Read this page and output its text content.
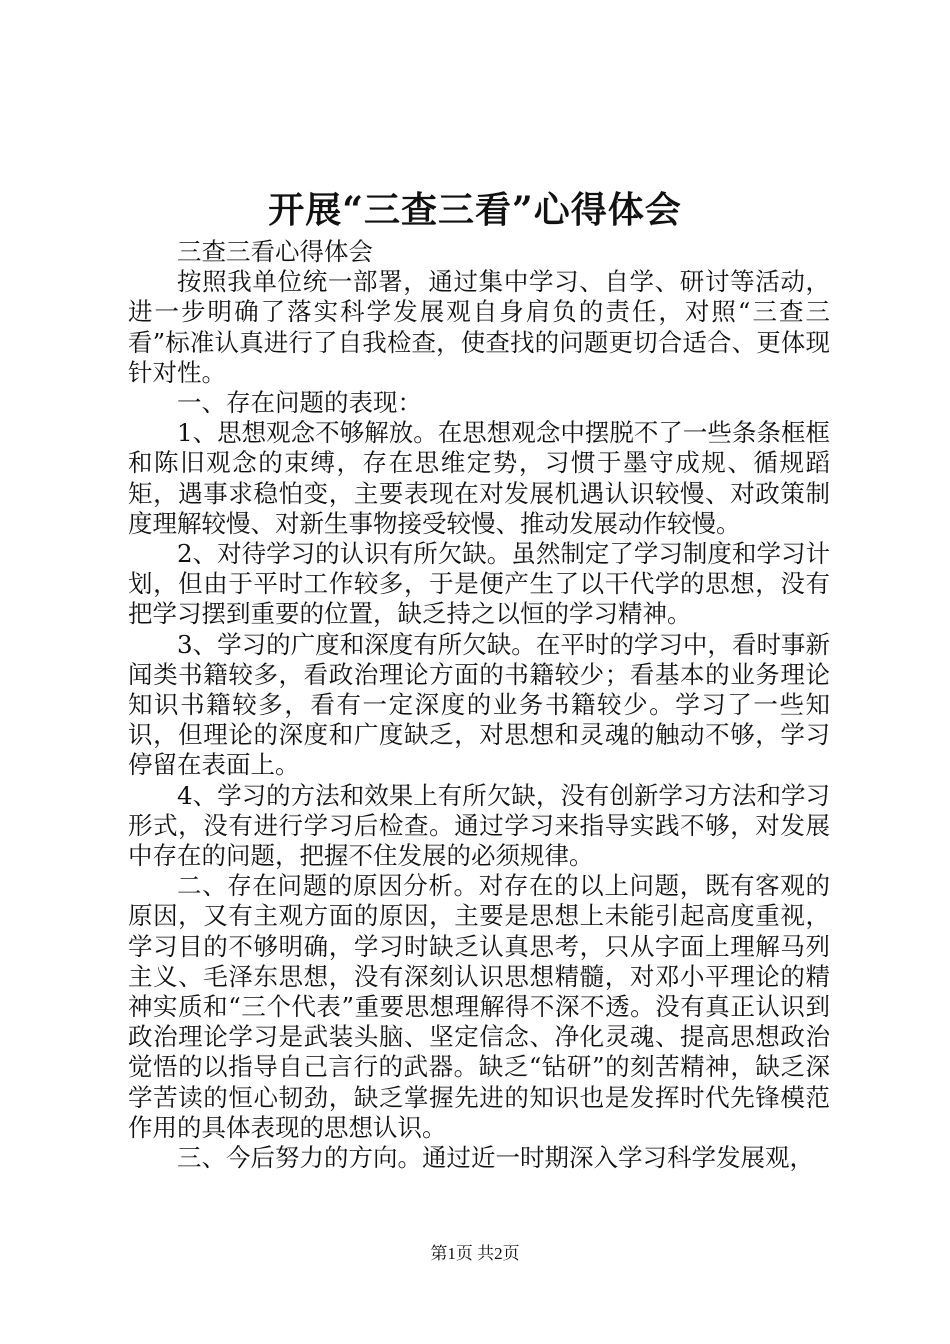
开展“三查三看”心得体会

三查三看心得体会

按照我单位统一部署，通过集中学习、自学、研讨等活动，进一步明确了落实科学发展观自身肩负的责任，对照“三查三看”标准认真进行了自我检查，使查找的问题更切合适合、更体现针对性。

一、存在问题的表现：

1、思想观念不够解放。在思想观念中摆脱不了一些条条框框和陈旧观念的束缚，存在思维定势，习惯于墨守成规、循规蹈矩，遇事求稳怕变，主要表现在对发展机遇认识较慢、对政策制度理解较慢、对新生事物接受较慢、推动发展动作较慢。

2、对待学习的认识有所欠缺。虽然制定了学习制度和学习计划，但由于平时工作较多，于是便产生了以干代学的思想，没有把学习摆到重要的位置，缺乏持之以恒的学习精神。

3、学习的广度和深度有所欠缺。在平时的学习中，看时事新闻类书籍较多，看政治理论方面的书籍较少；看基本的业务理论知识书籍较多，看有一定深度的业务书籍较少。学习了一些知识，但理论的深度和广度缺乏，对思想和灵魂的触动不够，学习停留在表面上。

4、学习的方法和效果上有所欠缺，没有创新学习方法和学习形式，没有进行学习后检查。通过学习来指导实践不够，对发展中存在的问题，把握不住发展的必须规律。

二、存在问题的原因分析。对存在的以上问题，既有客观的原因，又有主观方面的原因，主要是思想上未能引起高度重视，学习目的不够明确，学习时缺乏认真思考，只从字面上理解马列主义、毛泽东思想，没有深刻认识思想精髓，对邓小平理论的精神实质和“三个代表”重要思想理解得不深不透。没有真正认识到政治理论学习是武装头脑、坚定信念、净化灵魂、提高思想政治觉悟的以指导自己言行的武器。缺乏“钻研”的刻苦精神，缺乏深学苦读的恒心韧劲，缺乏掌握先进的知识也是发挥时代先锋模范作用的具体表现的思想认识。

三、今后努力的方向。通过近一时期深入学习科学发展观，

第1页 共2页
